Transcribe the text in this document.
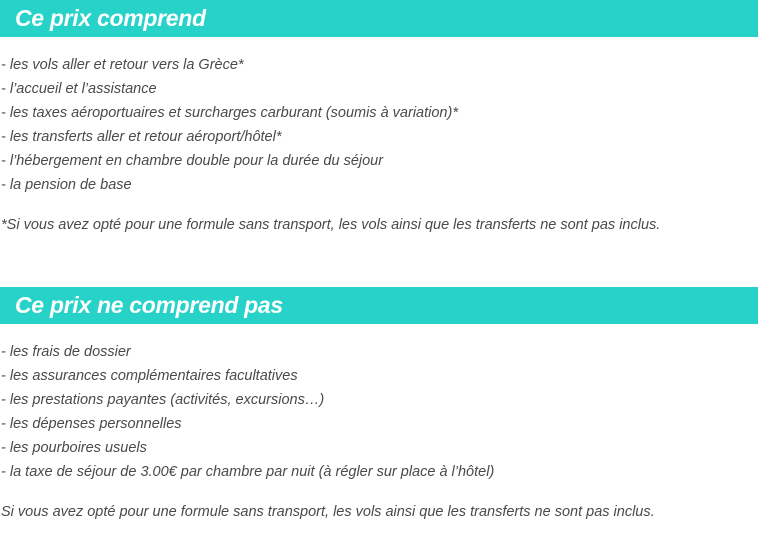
Ce prix comprend
- les vols aller et retour vers la Grèce*
- l’accueil et l’assistance
- les taxes aéroportuaires et surcharges carburant (soumis à variation)*
- les transferts aller et retour aéroport/hôtel*
- l’hébergement en chambre double pour la durée du séjour
- la pension de base
*Si vous avez opté pour une formule sans transport, les vols ainsi que les transferts ne sont pas inclus.
Ce prix ne comprend pas
- les frais de dossier
- les assurances complémentaires facultatives
- les prestations payantes (activités, excursions…)
- les dépenses personnelles
- les pourboires usuels
- la taxe de séjour de 3.00€ par chambre par nuit (à régler sur place à l’hôtel)
Si vous avez opté pour une formule sans transport, les vols ainsi que les transferts ne sont pas inclus.
